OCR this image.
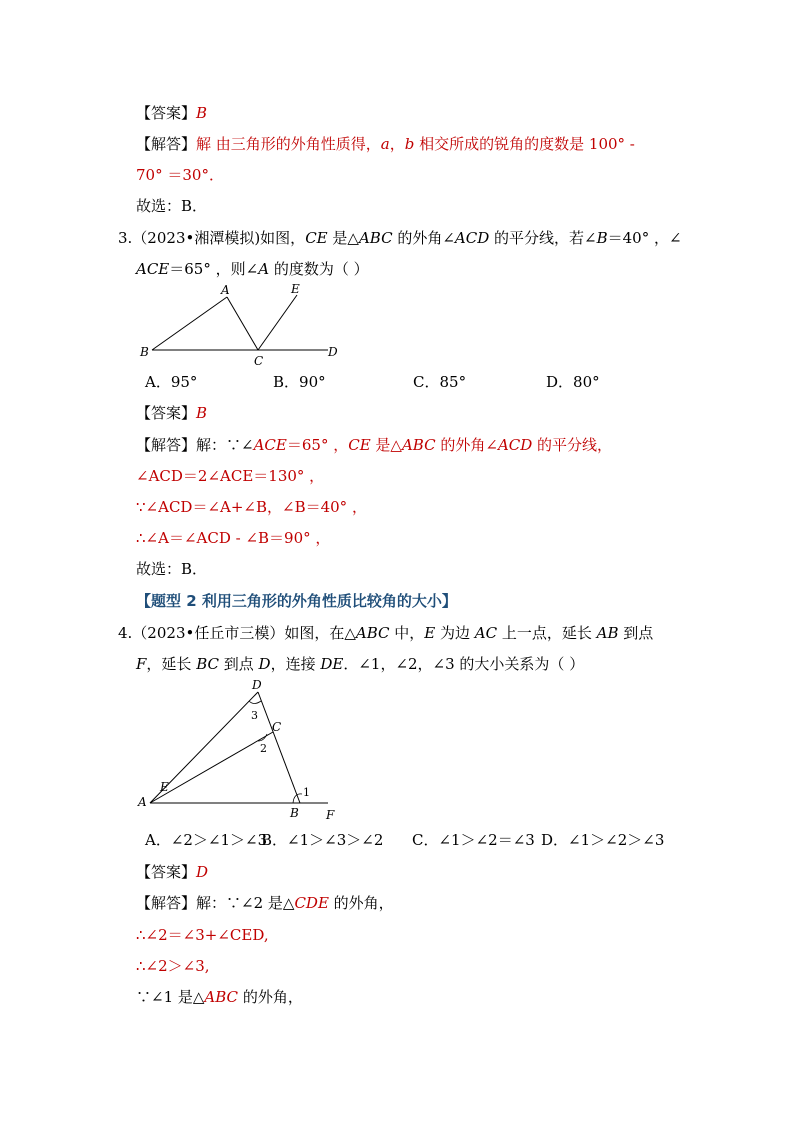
【答案】B
【解答】解 由三角形的外角性质得，a，b 相交所成的锐角的度数是 100° -
70° ＝30°．
故选：B．
3.（2023•湘潭模拟)如图，CE 是△ABC 的外角∠ACD 的平分线，若∠B＝40° ，∠
ACE＝65° ，则∠A 的度数为（ ）
A	E
B
C
D
A．95°	B．90°	C．85°	D．80°
【答案】B
【解答】解：∵∠ACE＝65° ，CE 是△ABC 的外角∠ACD 的平分线，
∠ACD＝2∠ACE＝130° ，
∵∠ACD＝∠A+∠B，∠B＝40° ，
∴∠A＝∠ACD - ∠B＝90° ，
故选：B．
【题型 2 利用三角形的外角性质比较角的大小】
4.（2023•任丘市三模）如图，在△ABC 中，E 为边 AC 上一点，延长 AB 到点
F，延长 BC 到点 D，连接 DE．∠1，∠2，∠3 的大小关系为（ ）
D
C
E
A
B F
3
2
1
A．∠2＞∠1＞∠3
B．∠1＞∠3＞∠2 C．∠1＞∠2＝∠3 D．∠1＞∠2＞∠3
【答案】D
【解答】解：∵∠2 是△CDE 的外角，
∴∠2＝∠3+∠CED,
∴∠2＞∠3,
∵∠1 是△ABC 的外角，
